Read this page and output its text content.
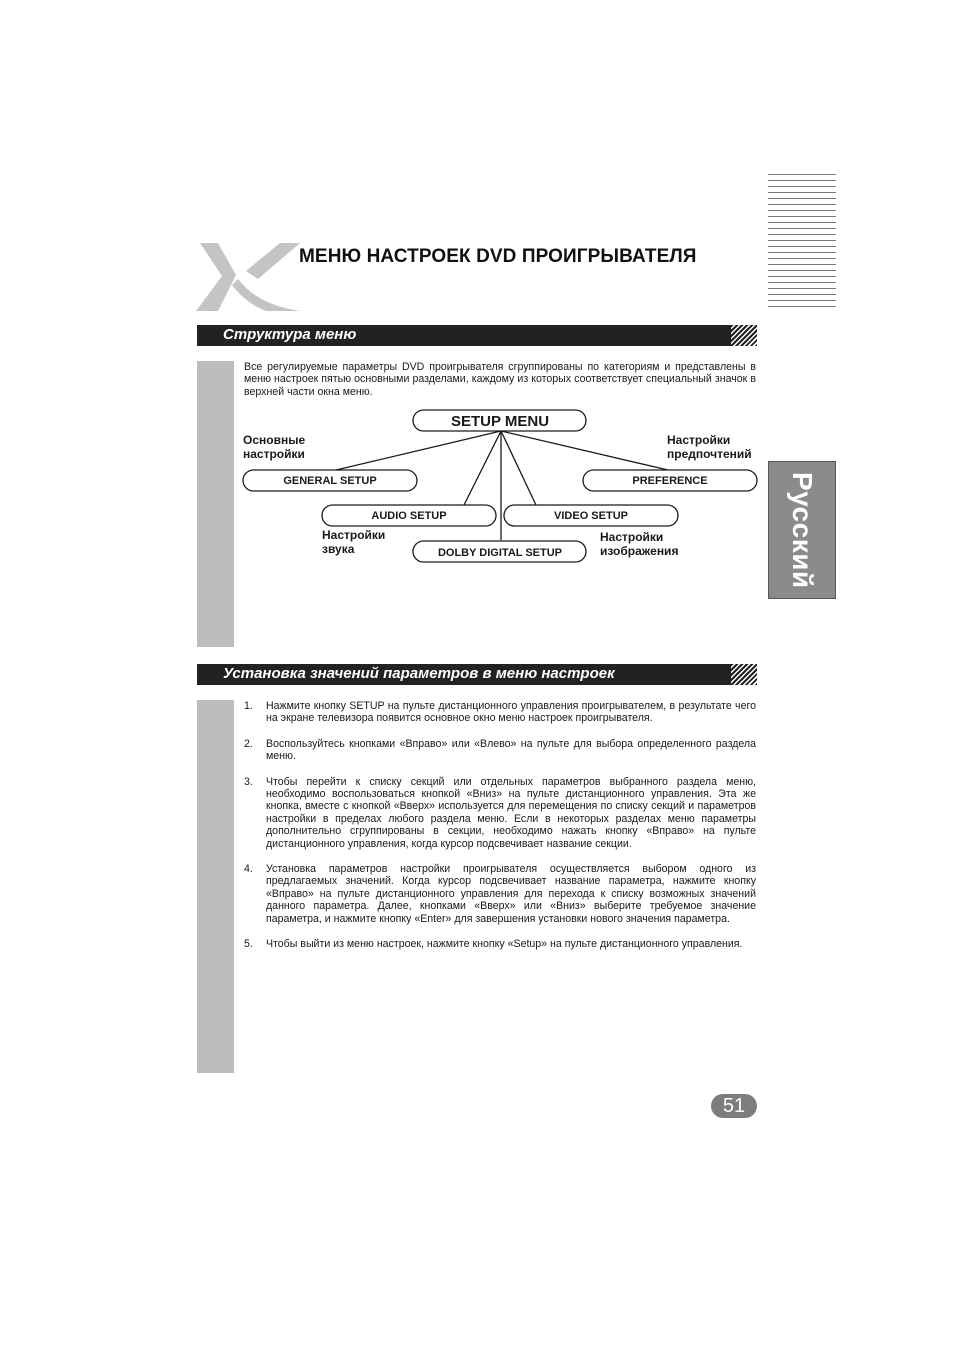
Русский
МЕНЮ НАСТРОЕК DVD ПРОИГРЫВАТЕЛЯ
Структура меню
Все регулируемые параметры DVD проигрывателя сгруппированы по категориям и представлены в меню настроек пятью основными разделами, каждому из которых соответствует специальный значок в верхней части окна меню.
SETUP MENU
GENERAL SETUP	PREFERENCE
AUDIO SETUP	VIDEO SETUP
DOLBY DIGITAL SETUP
Основные
настройки
Настройки
предпочтений
Настройки
звука
Настройки
изображения
Установка значений параметров в меню настроек
1. Нажмите кнопку SETUP на пульте дистанционного управления проигрывателем, в результате чего на экране телевизора появится основное окно меню настроек проигрывателя.
2. Воспользуйтесь кнопками «Вправо» или «Влево» на пульте для выбора определенного раздела меню.
3. Чтобы перейти к списку секций или отдельных параметров выбранного раздела меню, необходимо воспользоваться кнопкой «Вниз» на пульте дистанционного управления. Эта же кнопка, вместе с кнопкой «Вверх» используется для перемещения по списку секций и параметров настройки в пределах любого раздела меню. Если в некоторых разделах меню параметры дополнительно сгруппированы в секции, необходимо нажать кнопку «Вправо» на пульте дистанционного управления, когда курсор подсвечивает название секции.
4. Установка параметров настройки проигрывателя осуществляется выбором одного из предлагаемых значений. Когда курсор подсвечивает название параметра, нажмите кнопку «Вправо» на пульте дистанционного управления для перехода к списку возможных значений данного параметра. Далее, кнопками «Вверх» или «Вниз» выберите требуемое значение параметра, и нажмите кнопку «Enter» для завершения установки нового значения параметра.
5. Чтобы выйти из меню настроек, нажмите кнопку «Setup» на пульте дистанционного управления.
51
